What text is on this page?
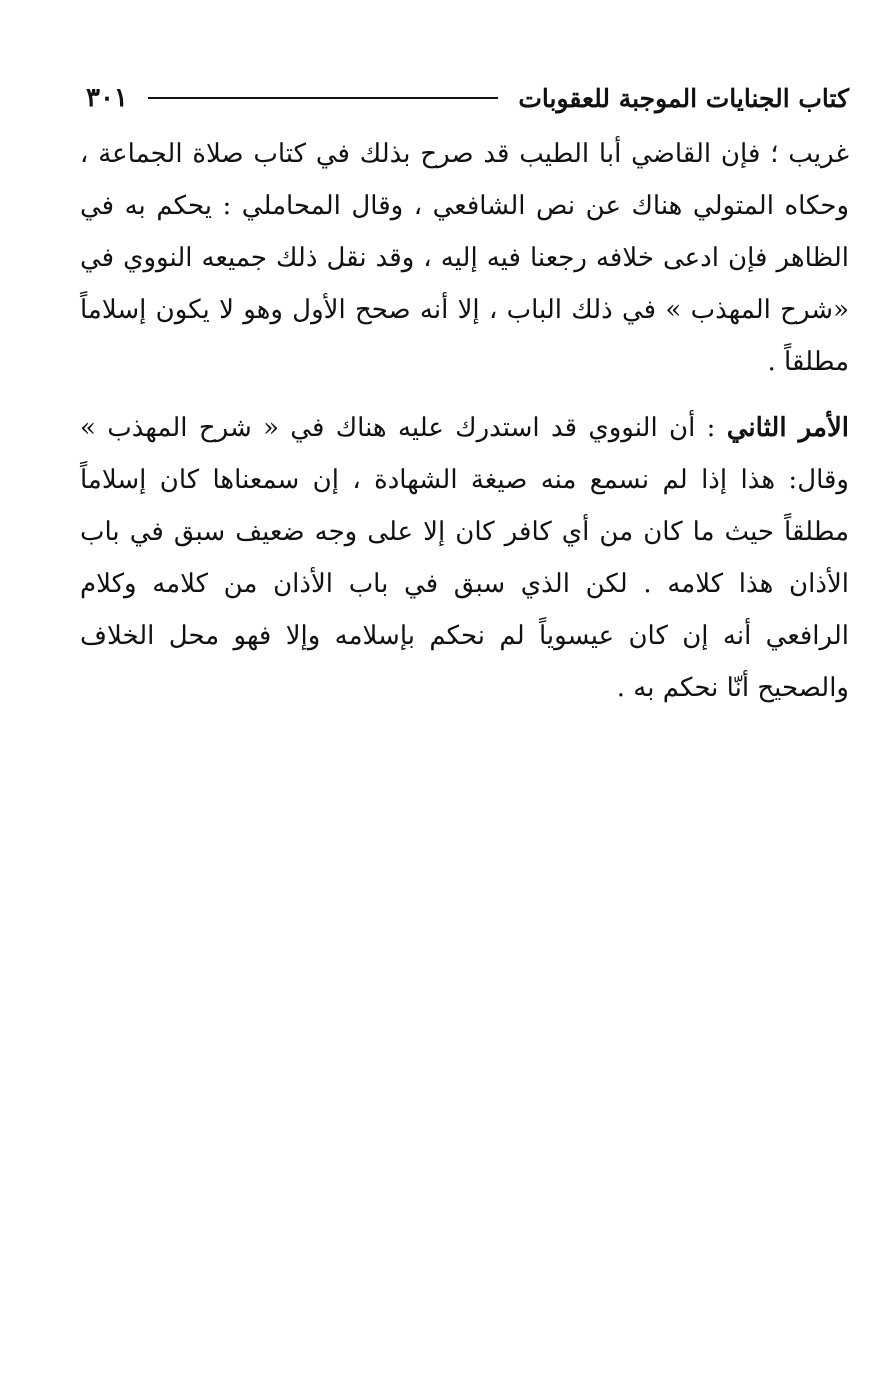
كتاب الجنايات الموجبة للعقوبات
٣٠١

غريب ؛ فإن القاضي أبا الطيب قد صرح بذلك في كتاب صلاة الجماعة ، وحكاه المتولي هناك عن نص الشافعي ، وقال المحاملي : يحكم به في الظاهر فإن ادعى خلافه رجعنا فيه إليه ، وقد نقل ذلك جميعه النووي في «شرح المهذب » في ذلك الباب ، إلا أنه صحح الأول وهو لا يكون إسلاماً مطلقاً .

الأمر الثاني : أن النووي قد استدرك عليه هناك في « شرح المهذب » وقال: هذا إذا لم نسمع منه صيغة الشهادة ، إن سمعناها كان إسلاماً مطلقاً حيث ما كان من أي كافر كان إلا على وجه ضعيف سبق في باب الأذان هذا كلامه . لكن الذي سبق في باب الأذان من كلامه وكلام الرافعي أنه إن كان عيسوياً لم نحكم بإسلامه وإلا فهو محل الخلاف والصحيح أنّا نحكم به .
